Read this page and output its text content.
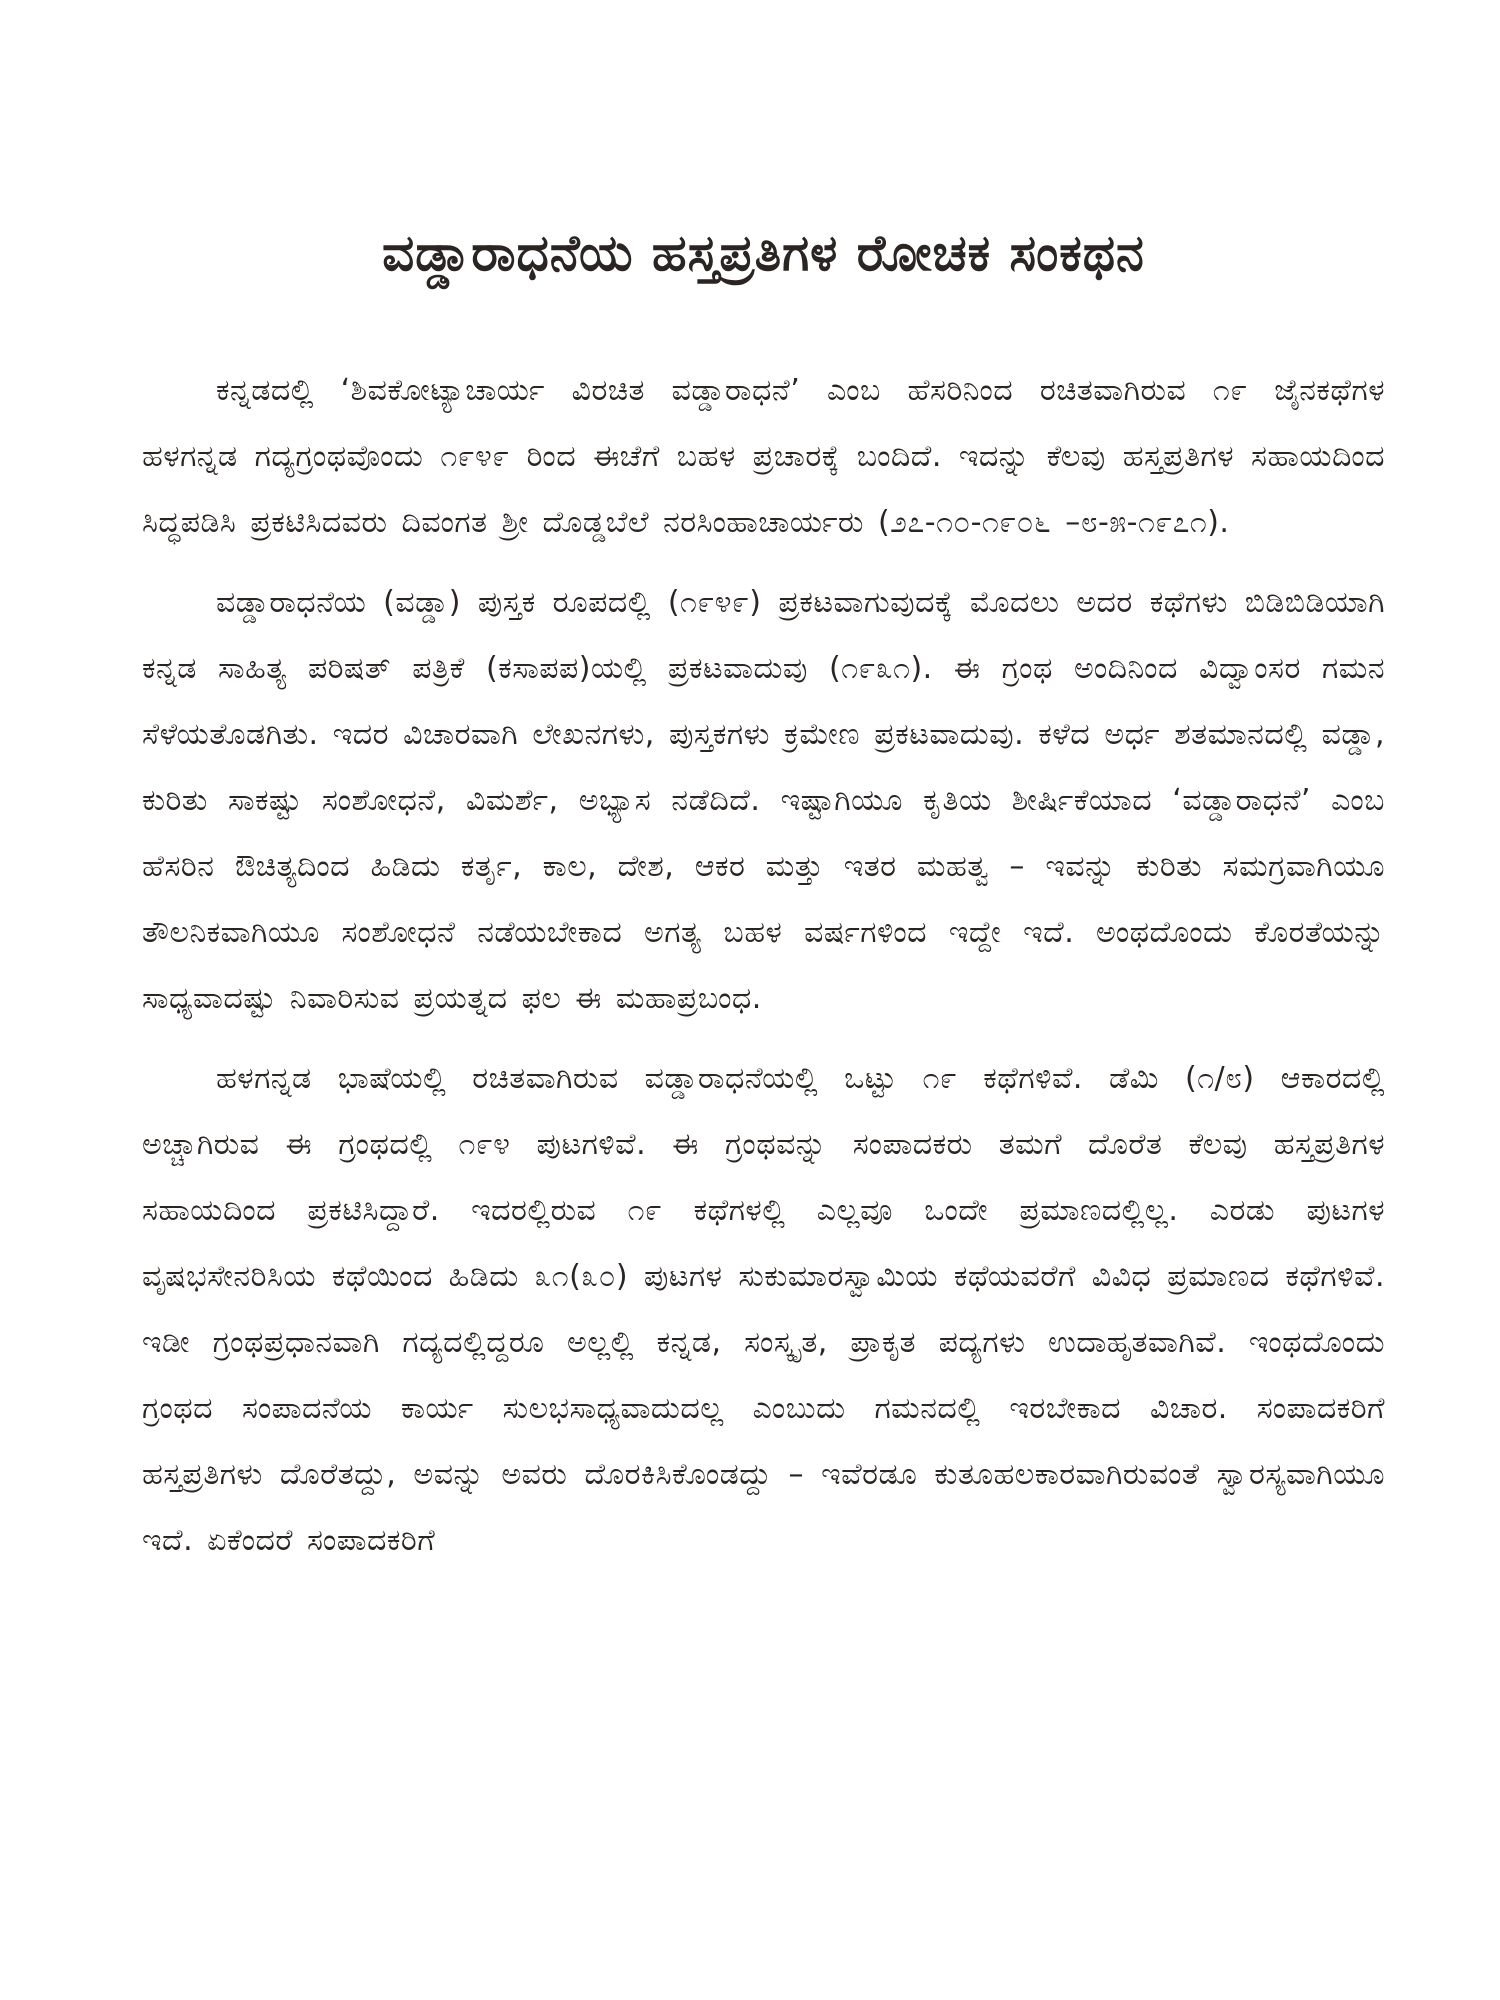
ವಡ್ಡಾರಾಧನೆಯ ಹಸ್ತಪ್ರತಿಗಳ ರೋಚಕ ಸಂಕಥನ

ಕನ್ನಡದಲ್ಲಿ ‘ಶಿವಕೋಟ್ಯಾಚಾರ್ಯ ವಿರಚಿತ ವಡ್ಡಾರಾಧನೆ’ ಎಂಬ ಹೆಸರಿನಿಂದ ರಚಿತವಾಗಿರುವ ೧೯ ಜೈನಕಥೆಗಳ ಹಳಗನ್ನಡ ಗದ್ಯಗ್ರಂಥವೊಂದು ೧೯೪೯ ರಿಂದ ಈಚೆಗೆ ಬಹಳ ಪ್ರಚಾರಕ್ಕೆ ಬಂದಿದೆ. ಇದನ್ನು ಕೆಲವು ಹಸ್ತಪ್ರತಿಗಳ ಸಹಾಯದಿಂದ ಸಿದ್ಧಪಡಿಸಿ ಪ್ರಕಟಿಸಿದವರು ದಿವಂಗತ ಶ್ರೀ ದೊಡ್ಡಬೆಲೆ ನರಸಿಂಹಾಚಾರ್ಯರು (೨೭-೧೦-೧೯೦೬ –೮-೫-೧೯೭೧).

ವಡ್ಡಾರಾಧನೆಯ (ವಡ್ಡಾ) ಪುಸ್ತಕ ರೂಪದಲ್ಲಿ (೧೯೪೯) ಪ್ರಕಟವಾಗುವುದಕ್ಕೆ ಮೊದಲು ಅದರ ಕಥೆಗಳು ಬಿಡಿಬಿಡಿಯಾಗಿ ಕನ್ನಡ ಸಾಹಿತ್ಯ ಪರಿಷತ್ ಪತ್ರಿಕೆ (ಕಸಾಪಪ)ಯಲ್ಲಿ ಪ್ರಕಟವಾದುವು (೧೯೩೧). ಈ ಗ್ರಂಥ ಅಂದಿನಿಂದ ವಿದ್ವಾಂಸರ ಗಮನ ಸೆಳೆಯತೊಡಗಿತು. ಇದರ ವಿಚಾರವಾಗಿ ಲೇಖನಗಳು, ಪುಸ್ತಕಗಳು ಕ್ರಮೇಣ ಪ್ರಕಟವಾದುವು. ಕಳೆದ ಅರ್ಧ ಶತಮಾನದಲ್ಲಿ ವಡ್ಡಾ, ಕುರಿತು ಸಾಕಷ್ಟು ಸಂಶೋಧನೆ, ವಿಮರ್ಶೆ, ಅಭ್ಯಾಸ ನಡೆದಿದೆ. ಇಷ್ಟಾಗಿಯೂ ಕೃತಿಯ ಶೀರ್ಷಿಕೆಯಾದ ‘ವಡ್ಡಾರಾಧನೆ’ ಎಂಬ ಹೆಸರಿನ ಔಚಿತ್ಯದಿಂದ ಹಿಡಿದು ಕರ್ತೃ, ಕಾಲ, ದೇಶ, ಆಕರ ಮತ್ತು ಇತರ ಮಹತ್ವ – ಇವನ್ನು ಕುರಿತು ಸಮಗ್ರವಾಗಿಯೂ ತೌಲನಿಕವಾಗಿಯೂ ಸಂಶೋಧನೆ ನಡೆಯಬೇಕಾದ ಅಗತ್ಯ ಬಹಳ ವರ್ಷಗಳಿಂದ ಇದ್ದೇ ಇದೆ. ಅಂಥದೊಂದು ಕೊರತೆಯನ್ನು ಸಾಧ್ಯವಾದಷ್ಟು ನಿವಾರಿಸುವ ಪ್ರಯತ್ನದ ಫಲ ಈ ಮಹಾಪ್ರಬಂಧ.

ಹಳಗನ್ನಡ ಭಾಷೆಯಲ್ಲಿ ರಚಿತವಾಗಿರುವ ವಡ್ಡಾರಾಧನೆಯಲ್ಲಿ ಒಟ್ಟು ೧೯ ಕಥೆಗಳಿವೆ. ಡೆಮಿ (೧/೮) ಆಕಾರದಲ್ಲಿ ಅಚ್ಚಾಗಿರುವ ಈ ಗ್ರಂಥದಲ್ಲಿ ೧೯೪ ಪುಟಗಳಿವೆ. ಈ ಗ್ರಂಥವನ್ನು ಸಂಪಾದಕರು ತಮಗೆ ದೊರೆತ ಕೆಲವು ಹಸ್ತಪ್ರತಿಗಳ ಸಹಾಯದಿಂದ ಪ್ರಕಟಿಸಿದ್ದಾರೆ. ಇದರಲ್ಲಿರುವ ೧೯ ಕಥೆಗಳಲ್ಲಿ ಎಲ್ಲವೂ ಒಂದೇ ಪ್ರಮಾಣದಲ್ಲಿಲ್ಲ. ಎರಡು ಪುಟಗಳ ವೃಷಭಸೇನರಿಸಿಯ ಕಥೆಯಿಂದ ಹಿಡಿದು ೩೧(೩೦) ಪುಟಗಳ ಸುಕುಮಾರಸ್ವಾಮಿಯ ಕಥೆಯವರೆಗೆ ವಿವಿಧ ಪ್ರಮಾಣದ ಕಥೆಗಳಿವೆ. ಇಡೀ ಗ್ರಂಥಪ್ರಧಾನವಾಗಿ ಗದ್ಯದಲ್ಲಿದ್ದರೂ ಅಲ್ಲಲ್ಲಿ ಕನ್ನಡ, ಸಂಸ್ಕೃತ, ಪ್ರಾಕೃತ ಪದ್ಯಗಳು ಉದಾಹೃತವಾಗಿವೆ. ಇಂಥದೊಂದು ಗ್ರಂಥದ ಸಂಪಾದನೆಯ ಕಾರ್ಯ ಸುಲಭಸಾಧ್ಯವಾದುದಲ್ಲ ಎಂಬುದು ಗಮನದಲ್ಲಿ ಇರಬೇಕಾದ ವಿಚಾರ. ಸಂಪಾದಕರಿಗೆ ಹಸ್ತಪ್ರತಿಗಳು ದೊರೆತದ್ದು, ಅವನ್ನು ಅವರು ದೊರಕಿಸಿಕೊಂಡದ್ದು – ಇವೆರಡೂ ಕುತೂಹಲಕಾರವಾಗಿರುವಂತೆ ಸ್ವಾರಸ್ಯವಾಗಿಯೂ ಇದೆ. ಏಕೆಂದರೆ ಸಂಪಾದಕರಿಗೆ
